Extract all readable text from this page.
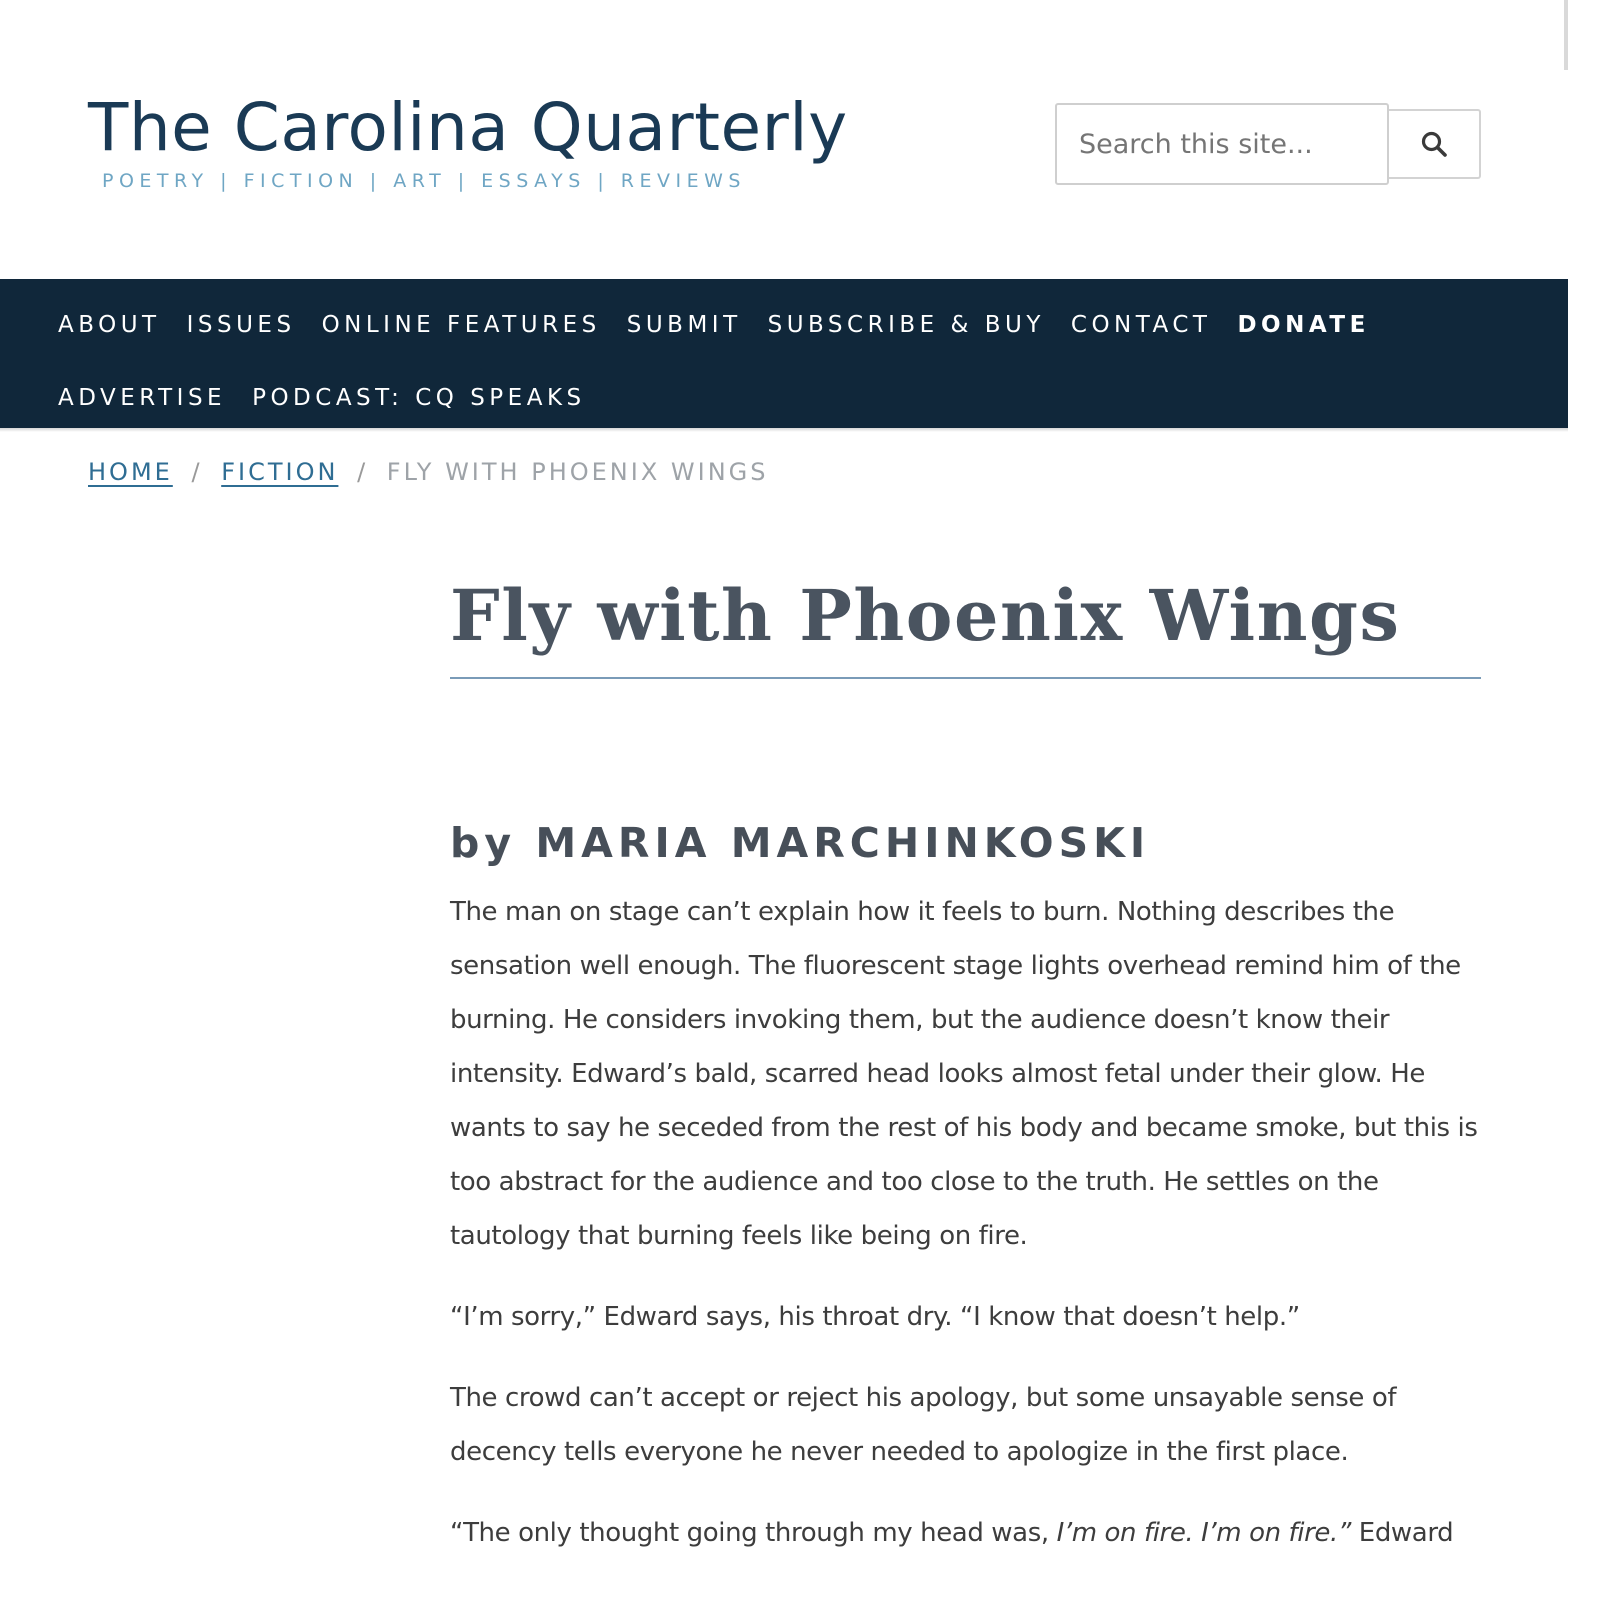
The Carolina Quarterly
POETRY | FICTION | ART | ESSAYS | REVIEWS
Search this site...
ABOUT ISSUES ONLINE FEATURES SUBMIT SUBSCRIBE & BUY CONTACT DONATE
ADVERTISE PODCAST: CQ SPEAKS
HOME / FICTION / FLY WITH PHOENIX WINGS
Fly with Phoenix Wings
by MARIA MARCHINKOSKI

The man on stage can’t explain how it feels to burn. Nothing describes the sensation well enough. The fluorescent stage lights overhead remind him of the burning. He considers invoking them, but the audience doesn’t know their intensity. Edward’s bald, scarred head looks almost fetal under their glow. He wants to say he seceded from the rest of his body and became smoke, but this is too abstract for the audience and too close to the truth. He settles on the tautology that burning feels like being on fire.

“I’m sorry,” Edward says, his throat dry. “I know that doesn’t help.”

The crowd can’t accept or reject his apology, but some unsayable sense of decency tells everyone he never needed to apologize in the first place.

“The only thought going through my head was, I’m on fire. I’m on fire.” Edward
